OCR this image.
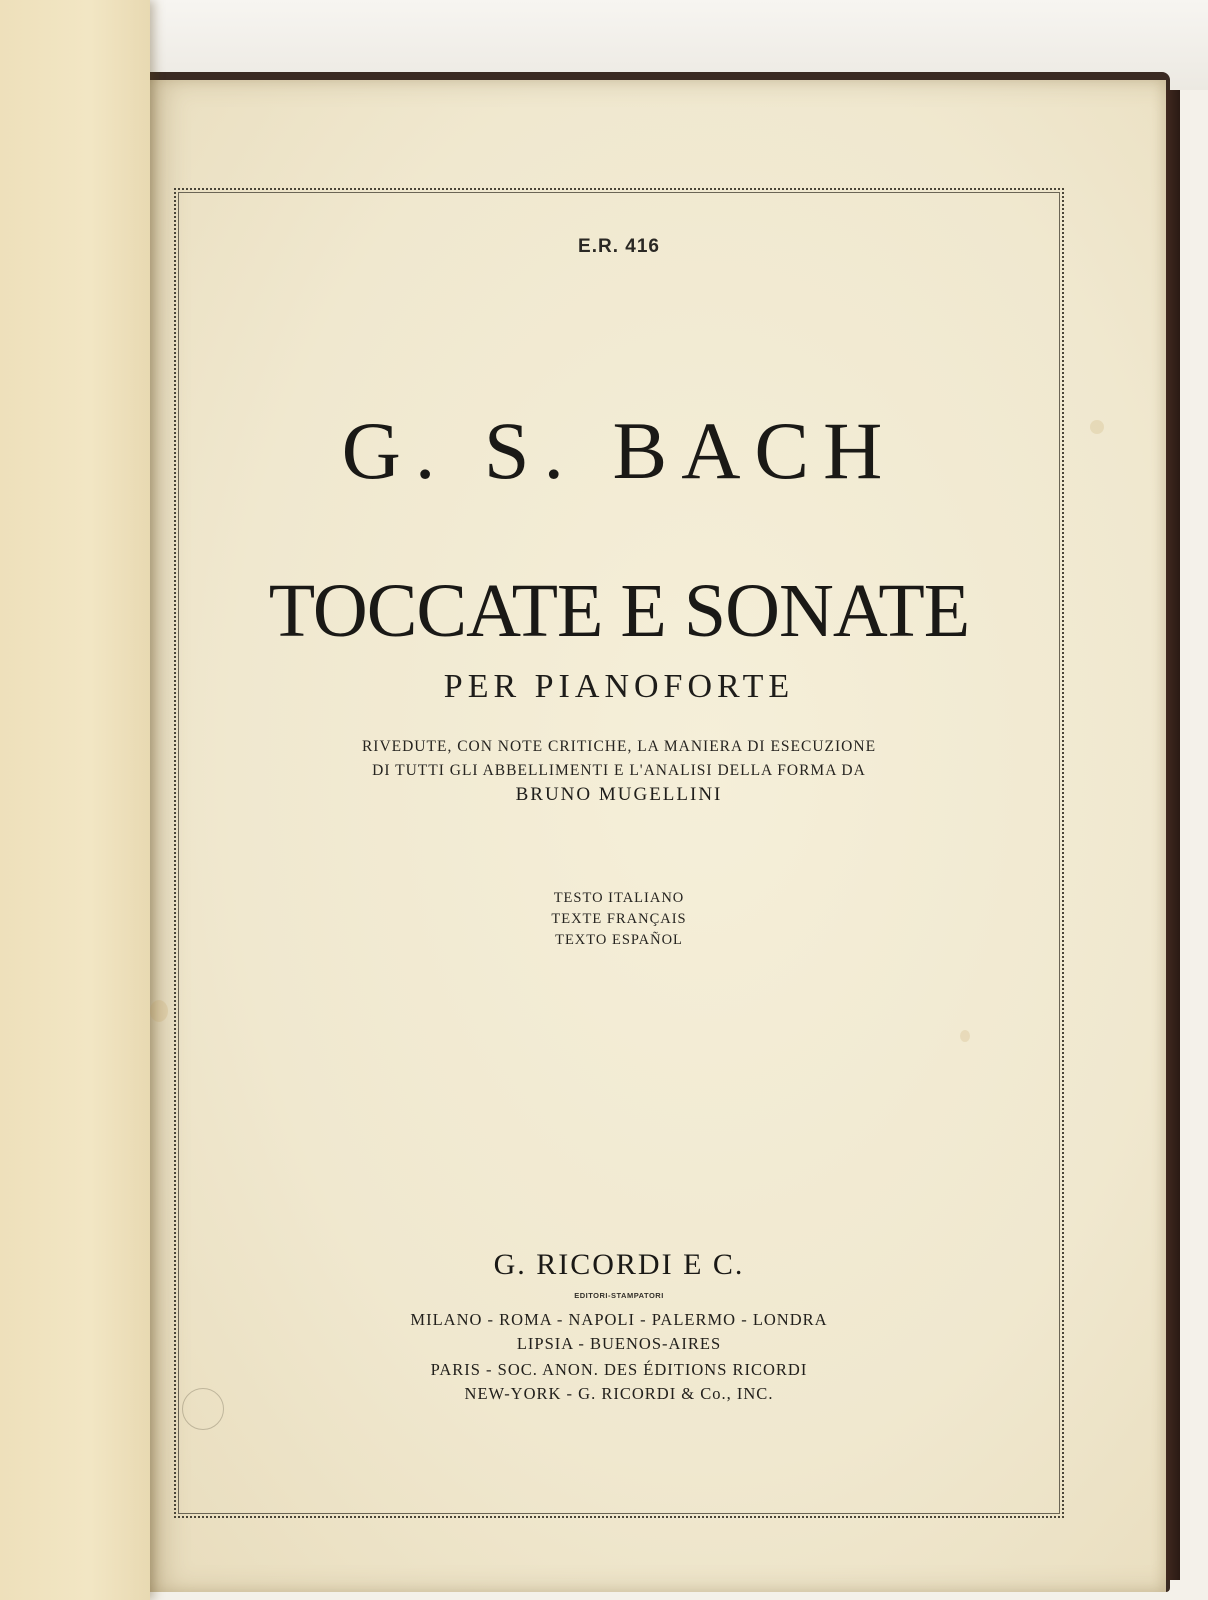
E.R. 416
G. S. BACH
TOCCATE E SONATE
PER PIANOFORTE
RIVEDUTE, CON NOTE CRITICHE, LA MANIERA DI ESECUZIONE
DI TUTTI GLI ABBELLIMENTI E L'ANALISI DELLA FORMA DA
BRUNO MUGELLINI
TESTO ITALIANO
TEXTE FRANÇAIS
TEXTO ESPAÑOL
G. RICORDI E C.
EDITORI-STAMPATORI
MILANO - ROMA - NAPOLI - PALERMO - LONDRA
LIPSIA - BUENOS-AIRES
PARIS - SOC. ANON. DES ÉDITIONS RICORDI
NEW-YORK - G. RICORDI & Co., INC.
